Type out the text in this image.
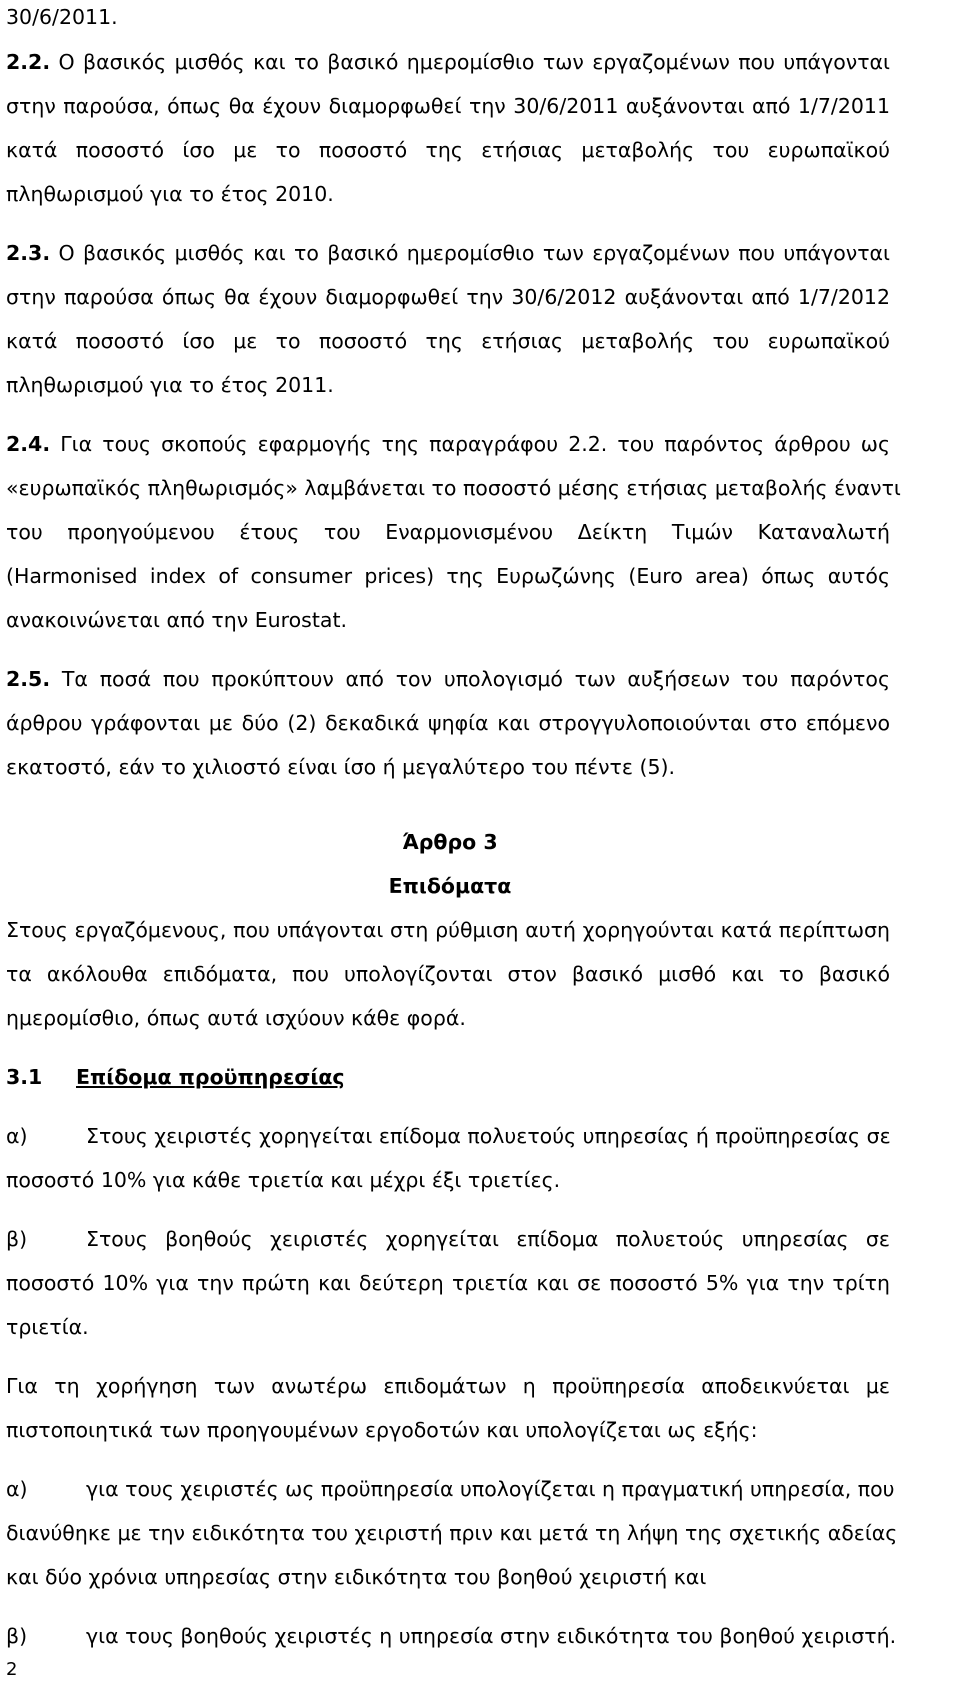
30/6/2011.
2.2. Ο βασικός μισθός και το βασικό ημερομίσθιο των εργαζομένων που υπάγονται
στην παρούσα, όπως θα έχουν διαμορφωθεί την 30/6/2011 αυξάνονται από 1/7/2011
κατά ποσοστό ίσο με το ποσοστό της ετήσιας μεταβολής του ευρωπαϊκού
πληθωρισμού για το έτος 2010.
2.3. Ο βασικός μισθός και το βασικό ημερομίσθιο των εργαζομένων που υπάγονται
στην παρούσα όπως θα έχουν διαμορφωθεί την 30/6/2012 αυξάνονται από 1/7/2012
κατά ποσοστό ίσο με το ποσοστό της ετήσιας μεταβολής του ευρωπαϊκού
πληθωρισμού για το έτος 2011.
2.4. Για τους σκοπούς εφαρμογής της παραγράφου 2.2. του παρόντος άρθρου ως
«ευρωπαϊκός πληθωρισμός» λαμβάνεται το ποσοστό μέσης ετήσιας μεταβολής έναντι
του προηγούμενου έτους του Εναρμονισμένου Δείκτη Τιμών Καταναλωτή
(Harmonised index of consumer prices) της Ευρωζώνης (Euro area) όπως αυτός
ανακοινώνεται από την Eurostat.
2.5. Τα ποσά που προκύπτουν από τον υπολογισμό των αυξήσεων του παρόντος
άρθρου γράφονται με δύο (2) δεκαδικά ψηφία και στρογγυλοποιούνται στο επόμενο
εκατοστό, εάν το χιλιοστό είναι ίσο ή μεγαλύτερο του πέντε (5).
Άρθρο 3
Επιδόματα
Στους εργαζόμενους, που υπάγονται στη ρύθμιση αυτή χορηγούνται κατά περίπτωση
τα ακόλουθα επιδόματα, που υπολογίζονται στον βασικό μισθό και το βασικό
ημερομίσθιο, όπως αυτά ισχύουν κάθε φορά.
3.1 Επίδομα προϋπηρεσίας
α)	Στους χειριστές χορηγείται επίδομα πολυετούς υπηρεσίας ή προϋπηρεσίας σε
ποσοστό 10% για κάθε τριετία και μέχρι έξι τριετίες.
β)	Στους βοηθούς χειριστές χορηγείται επίδομα πολυετούς υπηρεσίας σε
ποσοστό 10% για την πρώτη και δεύτερη τριετία και σε ποσοστό 5% για την τρίτη
τριετία.
Για τη χορήγηση των ανωτέρω επιδομάτων η προϋπηρεσία αποδεικνύεται με
πιστοποιητικά των προηγουμένων εργοδοτών και υπολογίζεται ως εξής:
α)	για τους χειριστές ως προϋπηρεσία υπολογίζεται η πραγματική υπηρεσία, που
διανύθηκε με την ειδικότητα του χειριστή πριν και μετά τη λήψη της σχετικής αδείας
και δύο χρόνια υπηρεσίας στην ειδικότητα του βοηθού χειριστή και
β)	για τους βοηθούς χειριστές η υπηρεσία στην ειδικότητα του βοηθού χειριστή.
2
